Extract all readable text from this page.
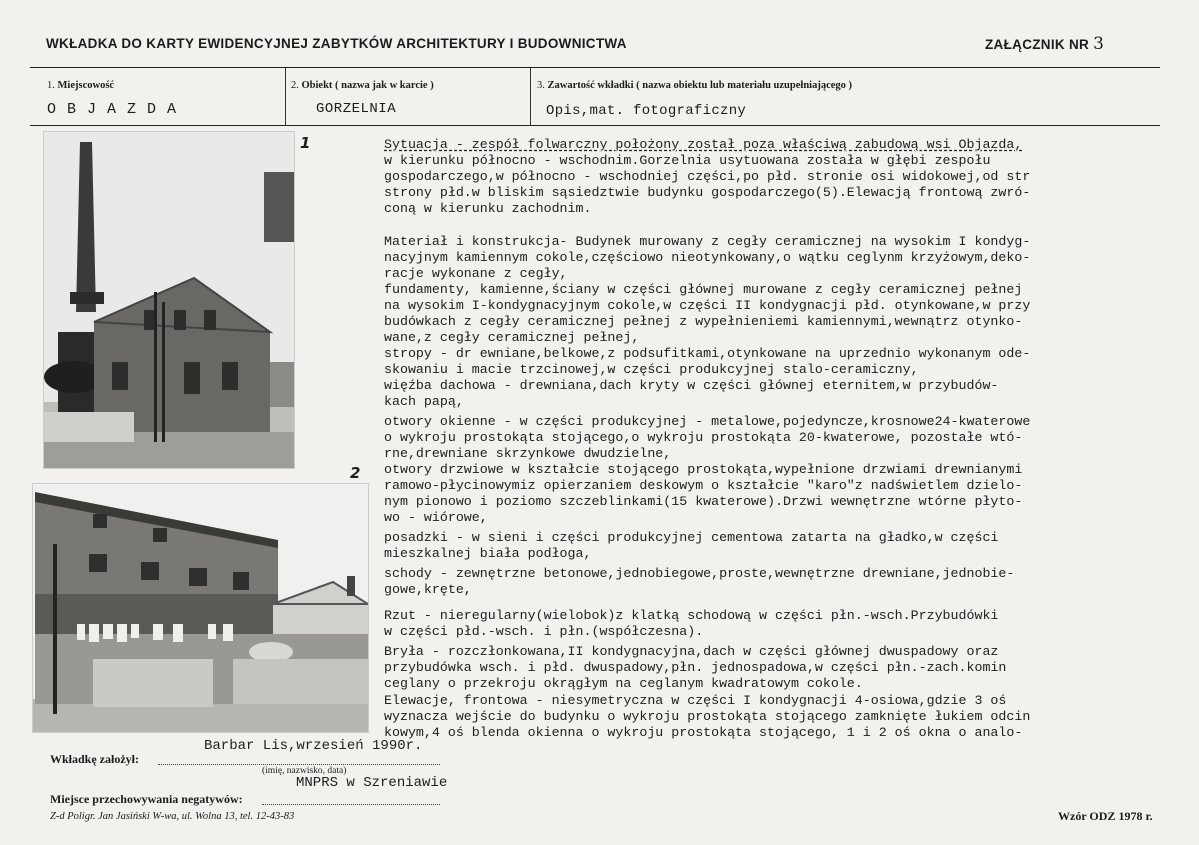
WKŁADKA DO KARTY EWIDENCYJNEJ ZABYTKÓW ARCHITEKTURY I BUDOWNICTWA	ZAŁĄCZNIK NR 3
1. Miejscowość
O B J A Z D A
2. Obiekt ( nazwa jak w karcie )
GORZELNIA
3. Zawartość wkładki ( nazwa obiektu lub materiału uzupełniającego )
Opis,mat. fotograficzny
1
2
Sytuacja - zespół folwarczny położony został poza właściwą zabudową wsi Objazda,
w kierunku północno - wschodnim.Gorzelnia usytuowana została w głębi zespołu
gospodarczego,w północno - wschodniej części,po płd. stronie osi widokowej,od str
strony płd.w bliskim sąsiedztwie budynku gospodarczego(5).Elewacją frontową zwró-
coną w kierunku zachodnim.
Materiał i konstrukcja- Budynek murowany z cegły ceramicznej na wysokim I kondyg-
nacyjnym kamiennym cokole,częściowo nieotynkowany,o wątku ceglynm krzyżowym,deko-
racje wykonane z cegły,
fundamenty, kamienne,ściany w części głównej murowane z cegły ceramicznej pełnej
na wysokim I-kondygnacyjnym cokole,w części II kondygnacji płd. otynkowane,w przy
budówkach z cegły ceramicznej pełnej z wypełnieniemi kamiennymi,wewnątrz otynko-
wane,z cegły ceramicznej pełnej,
stropy - dr ewniane,belkowe,z podsufitkami,otynkowane na uprzednio wykonanym ode-
skowaniu i macie trzcinowej,w części produkcyjnej stalo-ceramiczny,
więźba dachowa - drewniana,dach kryty w części głównej eternitem,w przybudów-
kach papą,
otwory okienne - w części produkcyjnej - metalowe,pojedyncze,krosnowe24-kwaterowe
o wykroju prostokąta stojącego,o wykroju prostokąta 20-kwaterowe, pozostałe wtó-
rne,drewniane skrzynkowe dwudzielne,
otwory drzwiowe w kształcie stojącego prostokąta,wypełnione drzwiami drewnianymi
ramowo-płycinowymiz opierzaniem deskowym o kształcie "karo"z nadświetlem dzielo-
nym pionowo i poziomo szczeblinkami(15 kwaterowe).Drzwi wewnętrzne wtórne płyto-
wo - wiórowe,
posadzki - w sieni i części produkcyjnej cementowa zatarta na gładko,w części
mieszkalnej biała podłoga,
schody - zewnętrzne betonowe,jednobiegowe,proste,wewnętrzne drewniane,jednobie-
gowe,kręte,
Rzut - nieregularny(wielobok)z klatką schodową w części płn.-wsch.Przybudówki
w części płd.-wsch. i płn.(współczesna).
Bryła - rozczłonkowana,II kondygnacyjna,dach w części głównej dwuspadowy oraz
przybudówka wsch. i płd. dwuspadowy,płn. jednospadowa,w części płn.-zach.komin
ceglany o przekroju okrągłym na ceglanym kwadratowym cokole.
Elewacje, frontowa - niesymetryczna w części I kondygnacji 4-osiowa,gdzie 3 oś
wyznacza wejście do budynku o wykroju prostokąta stojącego zamknięte łukiem odcin
kowym,4 oś blenda okienna o wykroju prostokąta stojącego, 1 i 2 oś okna o analo-
Wkładkę założył:
Barbar Lis,wrzesień 1990r.
(imię, nazwisko, data)
Miejsce przechowywania negatywów:
MNPRS w Szreniawie
Z-d Poligr. Jan Jasiński W-wa, ul. Wolna 13, tel. 12-43-83	Wzór ODZ 1978 r.
